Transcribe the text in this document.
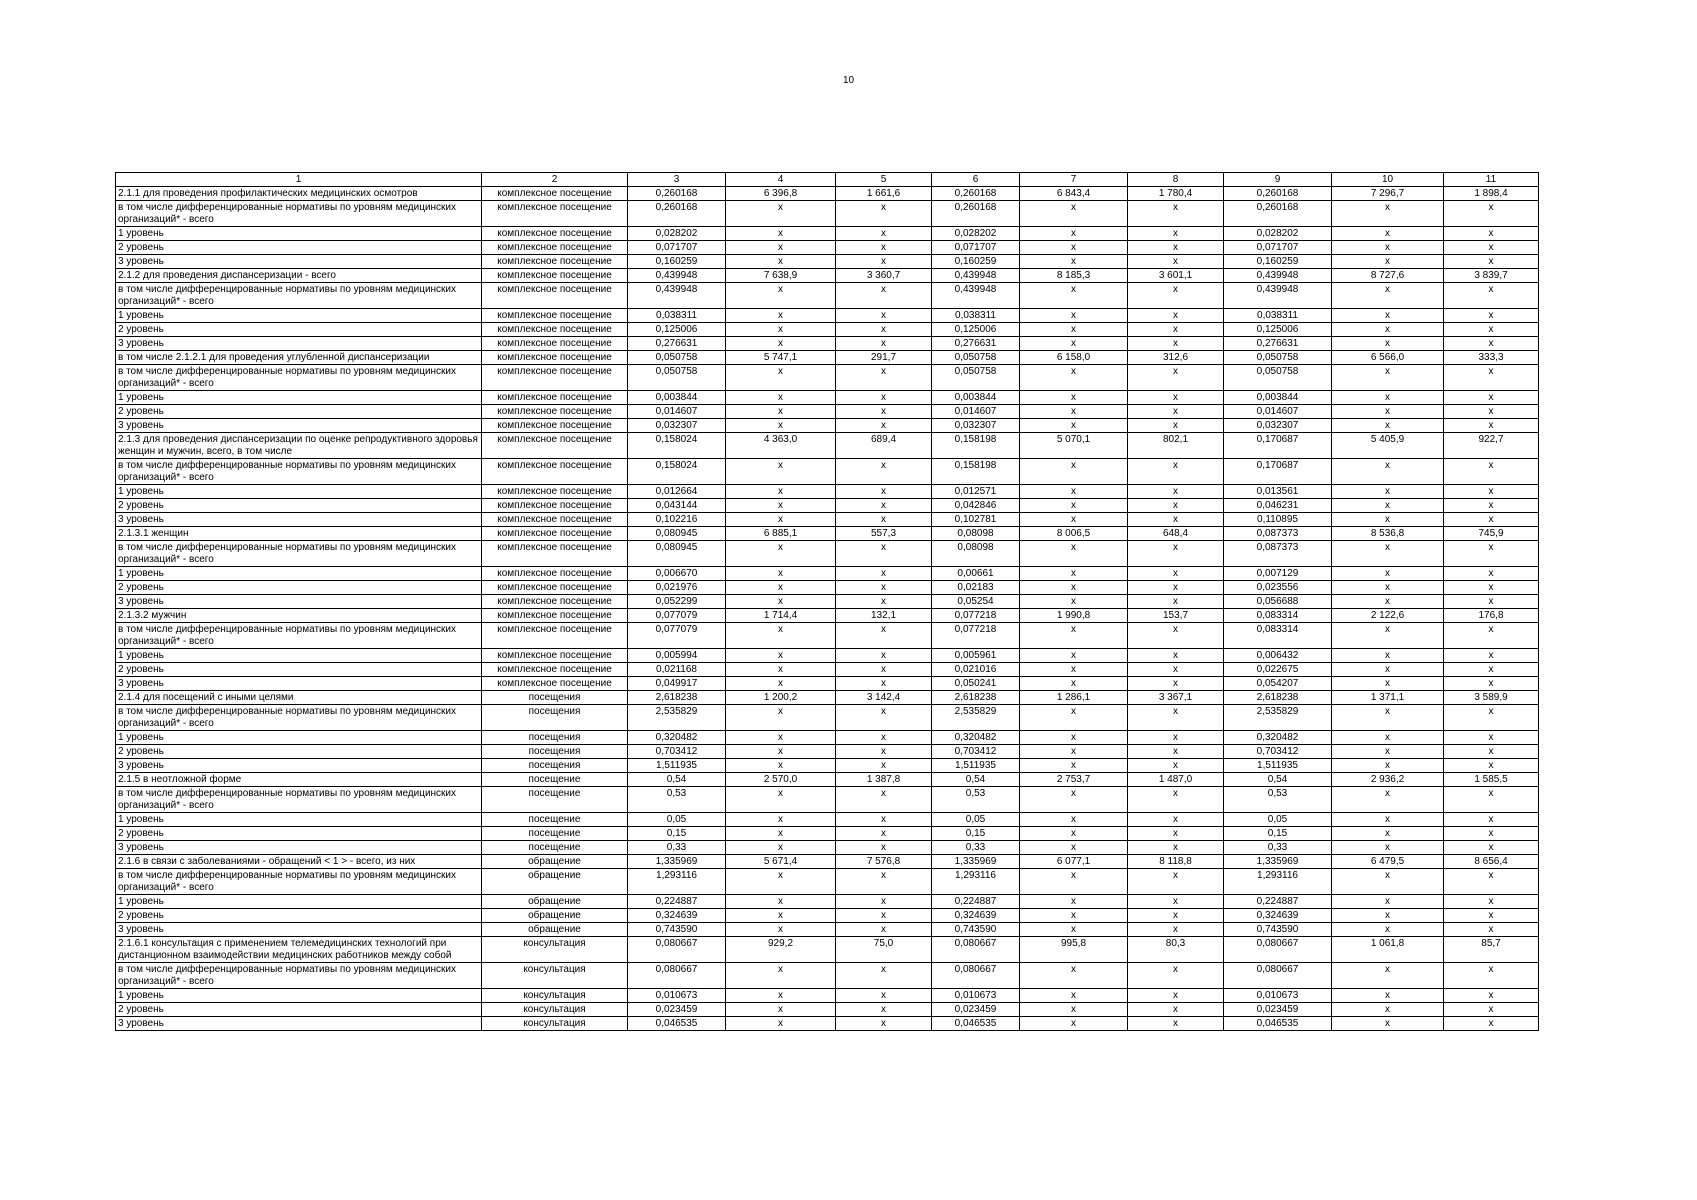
10
1	2	3	4	5	6	7	8	9	10	11
2.1.1 для проведения профилактических медицинских осмотров	комплексное посещение	0,260168	6 396,8	1 661,6	0,260168	6 843,4	1 780,4	0,260168	7 296,7	1 898,4
в том числе дифференцированные нормативы по уровням медицинских организаций* - всего	комплексное посещение	0,260168	х	х	0,260168	х	х	0,260168	х	х
1 уровень	комплексное посещение	0,028202	х	х	0,028202	х	х	0,028202	х	х
2 уровень	комплексное посещение	0,071707	х	х	0,071707	х	х	0,071707	х	х
3 уровень	комплексное посещение	0,160259	х	х	0,160259	х	х	0,160259	х	х
2.1.2 для проведения диспансеризации - всего	комплексное посещение	0,439948	7 638,9	3 360,7	0,439948	8 185,3	3 601,1	0,439948	8 727,6	3 839,7
в том числе дифференцированные нормативы по уровням медицинских организаций* - всего	комплексное посещение	0,439948	х	х	0,439948	х	х	0,439948	х	х
1 уровень	комплексное посещение	0,038311	х	х	0,038311	х	х	0,038311	х	х
2 уровень	комплексное посещение	0,125006	х	х	0,125006	х	х	0,125006	х	х
3 уровень	комплексное посещение	0,276631	х	х	0,276631	х	х	0,276631	х	х
в том числе 2.1.2.1 для проведения углубленной диспансеризации	комплексное посещение	0,050758	5 747,1	291,7	0,050758	6 158,0	312,6	0,050758	6 566,0	333,3
в том числе дифференцированные нормативы по уровням медицинских организаций* - всего	комплексное посещение	0,050758	х	х	0,050758	х	х	0,050758	х	х
1 уровень	комплексное посещение	0,003844	х	х	0,003844	х	х	0,003844	х	х
2 уровень	комплексное посещение	0,014607	х	х	0,014607	х	х	0,014607	х	х
3 уровень	комплексное посещение	0,032307	х	х	0,032307	х	х	0,032307	х	х
2.1.3 для проведения диспансеризации по оценке репродуктивного здоровья женщин и мужчин, всего, в том числе	комплексное посещение	0,158024	4 363,0	689,4	0,158198	5 070,1	802,1	0,170687	5 405,9	922,7
в том числе дифференцированные нормативы по уровням медицинских организаций* - всего	комплексное посещение	0,158024	х	х	0,158198	х	х	0,170687	х	х
1 уровень	комплексное посещение	0,012664	х	х	0,012571	х	х	0,013561	х	х
2 уровень	комплексное посещение	0,043144	х	х	0,042846	х	х	0,046231	х	х
3 уровень	комплексное посещение	0,102216	х	х	0,102781	х	х	0,110895	х	х
2.1.3.1 женщин	комплексное посещение	0,080945	6 885,1	557,3	0,08098	8 006,5	648,4	0,087373	8 536,8	745,9
в том числе дифференцированные нормативы по уровням медицинских организаций* - всего	комплексное посещение	0,080945	х	х	0,08098	х	х	0,087373	х	х
1 уровень	комплексное посещение	0,006670	х	х	0,00661	х	х	0,007129	х	х
2 уровень	комплексное посещение	0,021976	х	х	0,02183	х	х	0,023556	х	х
3 уровень	комплексное посещение	0,052299	х	х	0,05254	х	х	0,056688	х	х
2.1.3.2 мужчин	комплексное посещение	0,077079	1 714,4	132,1	0,077218	1 990,8	153,7	0,083314	2 122,6	176,8
в том числе дифференцированные нормативы по уровням медицинских организаций* - всего	комплексное посещение	0,077079	х	х	0,077218	х	х	0,083314	х	х
1 уровень	комплексное посещение	0,005994	х	х	0,005961	х	х	0,006432	х	х
2 уровень	комплексное посещение	0,021168	х	х	0,021016	х	х	0,022675	х	х
3 уровень	комплексное посещение	0,049917	х	х	0,050241	х	х	0,054207	х	х
2.1.4 для посещений с иными целями	посещения	2,618238	1 200,2	3 142,4	2,618238	1 286,1	3 367,1	2,618238	1 371,1	3 589,9
в том числе дифференцированные нормативы по уровням медицинских организаций* - всего	посещения	2,535829	х	х	2,535829	х	х	2,535829	х	х
1 уровень	посещения	0,320482	х	х	0,320482	х	х	0,320482	х	х
2 уровень	посещения	0,703412	х	х	0,703412	х	х	0,703412	х	х
3 уровень	посещения	1,511935	х	х	1,511935	х	х	1,511935	х	х
2.1.5 в неотложной форме	посещение	0,54	2 570,0	1 387,8	0,54	2 753,7	1 487,0	0,54	2 936,2	1 585,5
в том числе дифференцированные нормативы по уровням медицинских организаций* - всего	посещение	0,53	х	х	0,53	х	х	0,53	х	х
1 уровень	посещение	0,05	х	х	0,05	х	х	0,05	х	х
2 уровень	посещение	0,15	х	х	0,15	х	х	0,15	х	х
3 уровень	посещение	0,33	х	х	0,33	х	х	0,33	х	х
2.1.6 в связи с заболеваниями - обращений < 1 > - всего, из них	обращение	1,335969	5 671,4	7 576,8	1,335969	6 077,1	8 118,8	1,335969	6 479,5	8 656,4
в том числе дифференцированные нормативы по уровням медицинских организаций* - всего	обращение	1,293116	х	х	1,293116	х	х	1,293116	х	х
1 уровень	обращение	0,224887	х	х	0,224887	х	х	0,224887	х	х
2 уровень	обращение	0,324639	х	х	0,324639	х	х	0,324639	х	х
3 уровень	обращение	0,743590	х	х	0,743590	х	х	0,743590	х	х
2.1.6.1 консультация с применением телемедицинских технологий при дистанционном взаимодействии медицинских работников между собой	консультация	0,080667	929,2	75,0	0,080667	995,8	80,3	0,080667	1 061,8	85,7
в том числе дифференцированные нормативы по уровням медицинских организаций* - всего	консультация	0,080667	х	х	0,080667	х	х	0,080667	х	х
1 уровень	консультация	0,010673	х	х	0,010673	х	х	0,010673	х	х
2 уровень	консультация	0,023459	х	х	0,023459	х	х	0,023459	х	х
3 уровень	консультация	0,046535	х	х	0,046535	х	х	0,046535	х	х
